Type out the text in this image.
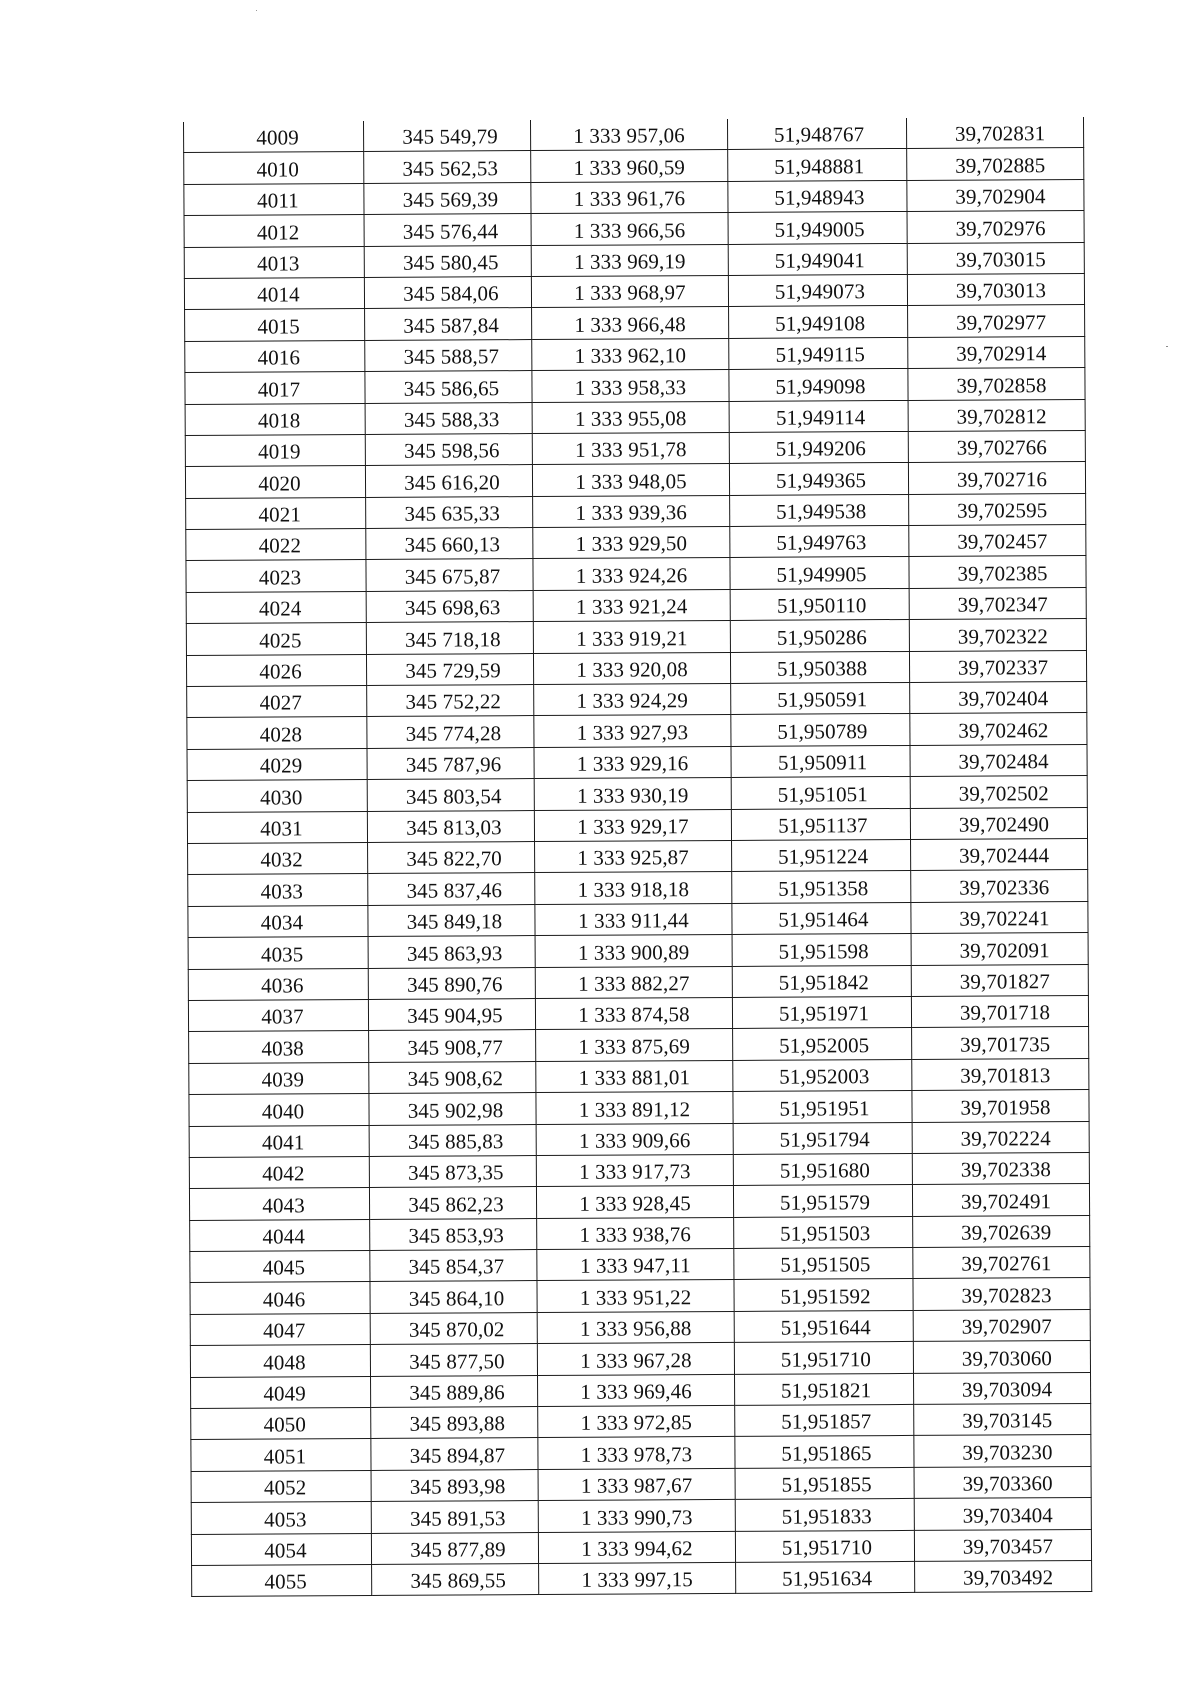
4009	345 549,79	1 333 957,06	51,948767	39,702831
4010	345 562,53	1 333 960,59	51,948881	39,702885
4011	345 569,39	1 333 961,76	51,948943	39,702904
4012	345 576,44	1 333 966,56	51,949005	39,702976
4013	345 580,45	1 333 969,19	51,949041	39,703015
4014	345 584,06	1 333 968,97	51,949073	39,703013
4015	345 587,84	1 333 966,48	51,949108	39,702977
4016	345 588,57	1 333 962,10	51,949115	39,702914
4017	345 586,65	1 333 958,33	51,949098	39,702858
4018	345 588,33	1 333 955,08	51,949114	39,702812
4019	345 598,56	1 333 951,78	51,949206	39,702766
4020	345 616,20	1 333 948,05	51,949365	39,702716
4021	345 635,33	1 333 939,36	51,949538	39,702595
4022	345 660,13	1 333 929,50	51,949763	39,702457
4023	345 675,87	1 333 924,26	51,949905	39,702385
4024	345 698,63	1 333 921,24	51,950110	39,702347
4025	345 718,18	1 333 919,21	51,950286	39,702322
4026	345 729,59	1 333 920,08	51,950388	39,702337
4027	345 752,22	1 333 924,29	51,950591	39,702404
4028	345 774,28	1 333 927,93	51,950789	39,702462
4029	345 787,96	1 333 929,16	51,950911	39,702484
4030	345 803,54	1 333 930,19	51,951051	39,702502
4031	345 813,03	1 333 929,17	51,951137	39,702490
4032	345 822,70	1 333 925,87	51,951224	39,702444
4033	345 837,46	1 333 918,18	51,951358	39,702336
4034	345 849,18	1 333 911,44	51,951464	39,702241
4035	345 863,93	1 333 900,89	51,951598	39,702091
4036	345 890,76	1 333 882,27	51,951842	39,701827
4037	345 904,95	1 333 874,58	51,951971	39,701718
4038	345 908,77	1 333 875,69	51,952005	39,701735
4039	345 908,62	1 333 881,01	51,952003	39,701813
4040	345 902,98	1 333 891,12	51,951951	39,701958
4041	345 885,83	1 333 909,66	51,951794	39,702224
4042	345 873,35	1 333 917,73	51,951680	39,702338
4043	345 862,23	1 333 928,45	51,951579	39,702491
4044	345 853,93	1 333 938,76	51,951503	39,702639
4045	345 854,37	1 333 947,11	51,951505	39,702761
4046	345 864,10	1 333 951,22	51,951592	39,702823
4047	345 870,02	1 333 956,88	51,951644	39,702907
4048	345 877,50	1 333 967,28	51,951710	39,703060
4049	345 889,86	1 333 969,46	51,951821	39,703094
4050	345 893,88	1 333 972,85	51,951857	39,703145
4051	345 894,87	1 333 978,73	51,951865	39,703230
4052	345 893,98	1 333 987,67	51,951855	39,703360
4053	345 891,53	1 333 990,73	51,951833	39,703404
4054	345 877,89	1 333 994,62	51,951710	39,703457
4055	345 869,55	1 333 997,15	51,951634	39,703492
